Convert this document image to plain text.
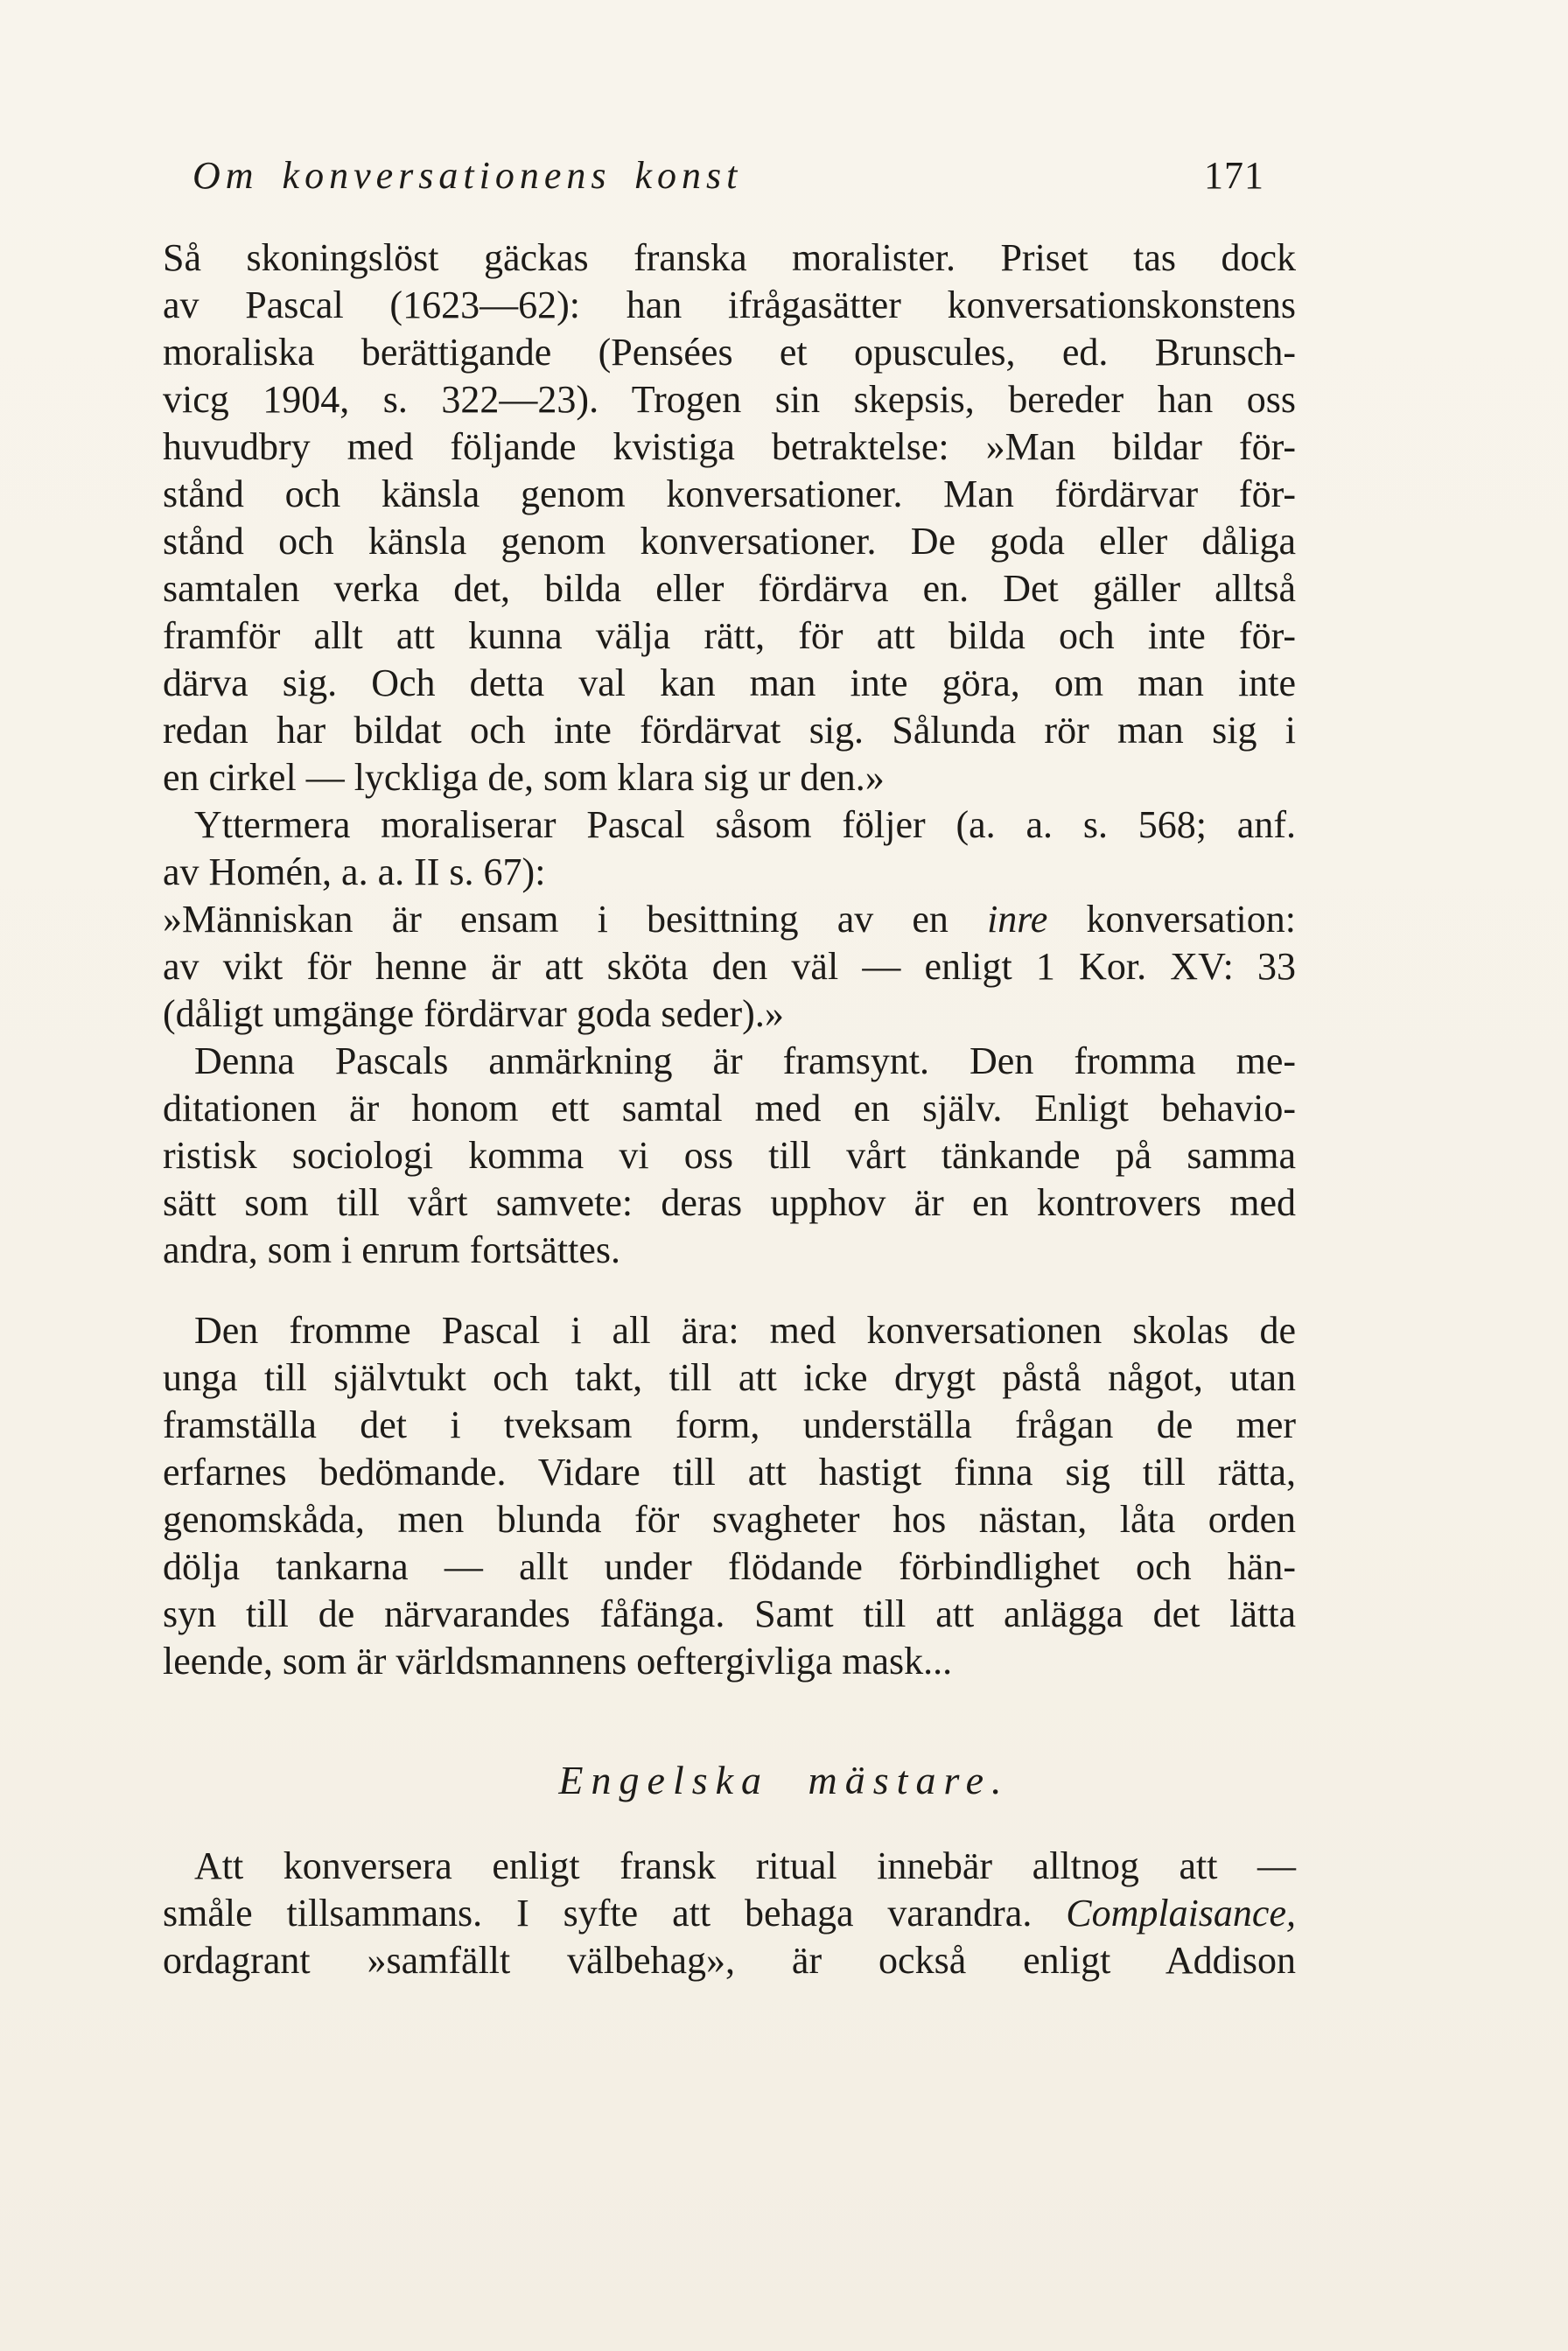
Om konversationens konst	171
Så skoningslöst gäckas franska moralister. Priset tas dock
av Pascal (1623—62): han ifrågasätter konversationskonstens
moraliska berättigande (Pensées et opuscules, ed. Brunsch-
vicg 1904, s. 322—23). Trogen sin skepsis, bereder han oss
huvudbry med följande kvistiga betraktelse: »Man bildar för-
stånd och känsla genom konversationer. Man fördärvar för-
stånd och känsla genom konversationer. De goda eller dåliga
samtalen verka det, bilda eller fördärva en. Det gäller alltså
framför allt att kunna välja rätt, för att bilda och inte för-
därva sig. Och detta val kan man inte göra, om man inte
redan har bildat och inte fördärvat sig. Sålunda rör man sig i
en cirkel — lyckliga de, som klara sig ur den.»
Yttermera moraliserar Pascal såsom följer (a. a. s. 568; anf.
av Homén, a. a. II s. 67):
»Människan är ensam i besittning av en inre konversation:
av vikt för henne är att sköta den väl — enligt 1 Kor. XV: 33
(dåligt umgänge fördärvar goda seder).»
Denna Pascals anmärkning är framsynt. Den fromma me-
ditationen är honom ett samtal med en själv. Enligt behavio-
ristisk sociologi komma vi oss till vårt tänkande på samma
sätt som till vårt samvete: deras upphov är en kontrovers med
andra, som i enrum fortsättes.
Den fromme Pascal i all ära: med konversationen skolas de
unga till självtukt och takt, till att icke drygt påstå något, utan
framställa det i tveksam form, underställa frågan de mer
erfarnes bedömande. Vidare till att hastigt finna sig till rätta,
genomskåda, men blunda för svagheter hos nästan, låta orden
dölja tankarna — allt under flödande förbindlighet och hän-
syn till de närvarandes fåfänga. Samt till att anlägga det lätta
leende, som är världsmannens oeftergivliga mask...
Engelska mästare.
Att konversera enligt fransk ritual innebär alltnog att —
småle tillsammans. I syfte att behaga varandra. Complaisance,
ordagrant »samfällt välbehag», är också enligt Addison
